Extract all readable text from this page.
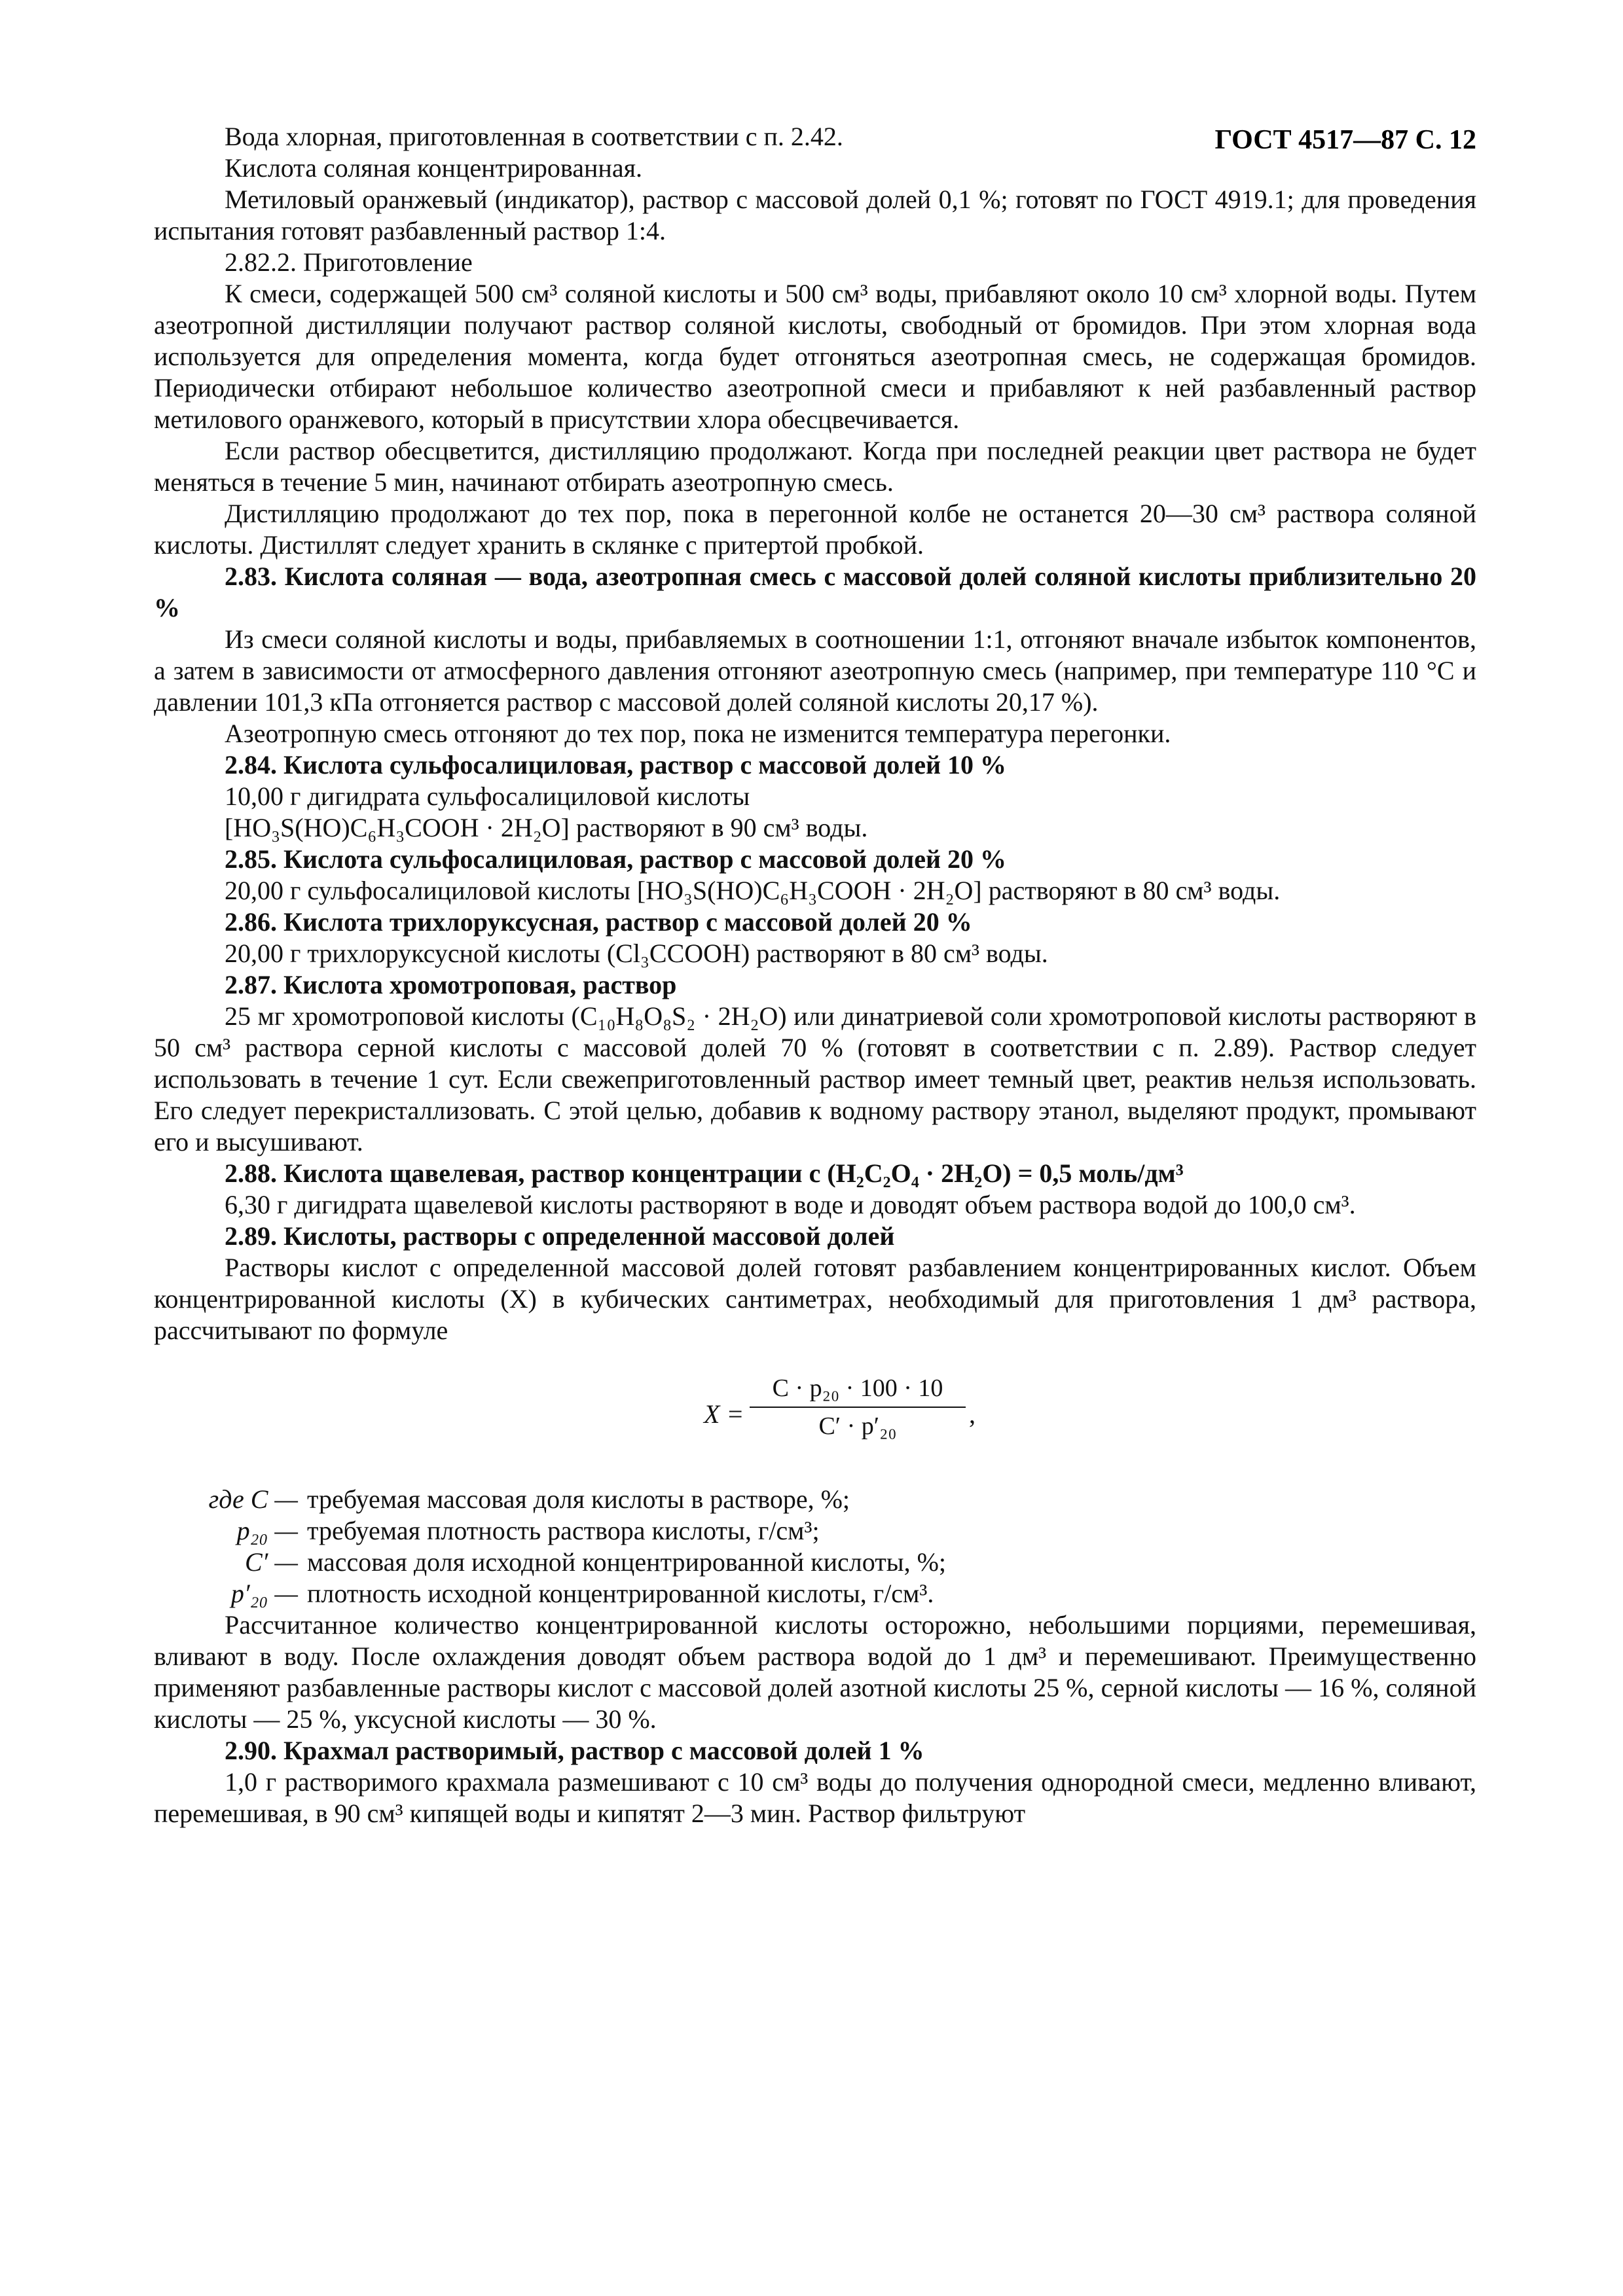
ГОСТ 4517—87 С. 12

Вода хлорная, приготовленная в соответствии с п. 2.42.

Кислота соляная концентрированная.

Метиловый оранжевый (индикатор), раствор с массовой долей 0,1 %; готовят по ГОСТ 4919.1; для проведения испытания готовят разбавленный раствор 1:4.

2.82.2. Приготовление

К смеси, содержащей 500 см³ соляной кислоты и 500 см³ воды, прибавляют около 10 см³ хлорной воды. Путем азеотропной дистилляции получают раствор соляной кислоты, свободный от бромидов. При этом хлорная вода используется для определения момента, когда будет отгоняться азеотропная смесь, не содержащая бромидов. Периодически отбирают небольшое количество азеотропной смеси и прибавляют к ней разбавленный раствор метилового оранжевого, который в присутствии хлора обесцвечивается.

Если раствор обесцветится, дистилляцию продолжают. Когда при последней реакции цвет раствора не будет меняться в течение 5 мин, начинают отбирать азеотропную смесь.

Дистилляцию продолжают до тех пор, пока в перегонной колбе не останется 20—30 см³ раствора соляной кислоты. Дистиллят следует хранить в склянке с притертой пробкой.

2.83. Кислота соляная — вода, азеотропная смесь с массовой долей соляной кислоты приблизительно 20 %

Из смеси соляной кислоты и воды, прибавляемых в соотношении 1:1, отгоняют вначале избыток компонентов, а затем в зависимости от атмосферного давления отгоняют азеотропную смесь (например, при температуре 110 °С и давлении 101,3 кПа отгоняется раствор с массовой долей соляной кислоты 20,17 %).

Азеотропную смесь отгоняют до тех пор, пока не изменится температура перегонки.

2.84. Кислота сульфосалициловая, раствор с массовой долей 10 %

10,00 г дигидрата сульфосалициловой кислоты

[HO₃S(HO)C₆H₃COOH · 2H₂O] растворяют в 90 см³ воды.

2.85. Кислота сульфосалициловая, раствор с массовой долей 20 %

20,00 г сульфосалициловой кислоты [HO₃S(HO)C₆H₃COOH · 2H₂O] растворяют в 80 см³ воды.

2.86. Кислота трихлоруксусная, раствор с массовой долей 20 %

20,00 г трихлоруксусной кислоты (Cl₃CCOOH) растворяют в 80 см³ воды.

2.87. Кислота хромотроповая, раствор

25 мг хромотроповой кислоты (C₁₀H₈O₈S₂ · 2H₂O) или динатриевой соли хромотроповой кислоты растворяют в 50 см³ раствора серной кислоты с массовой долей 70 % (готовят в соответствии с п. 2.89). Раствор следует использовать в течение 1 сут. Если свежеприготовленный раствор имеет темный цвет, реактив нельзя использовать. Его следует перекристаллизовать. С этой целью, добавив к водному раствору этанол, выделяют продукт, промывают его и высушивают.

2.88. Кислота щавелевая, раствор концентрации c (H₂C₂O₄ · 2H₂O) = 0,5 моль/дм³

6,30 г дигидрата щавелевой кислоты растворяют в воде и доводят объем раствора водой до 100,0 см³.

2.89. Кислоты, растворы с определенной массовой долей

Растворы кислот с определенной массовой долей готовят разбавлением концентрированных кислот. Объем концентрированной кислоты (X) в кубических сантиметрах, необходимый для приготовления 1 дм³ раствора, рассчитывают по формуле

$X = \frac{\text{C · p₂₀ · 100 · 10}}{\text{C′ · p′₂₀}}$ ,
где C — требуемая массовая доля кислоты в растворе, %;
p₂₀ — требуемая плотность раствора кислоты, г/см³;
C′ — массовая доля исходной концентрированной кислоты, %;
p′₂₀ — плотность исходной концентрированной кислоты, г/см³.

Рассчитанное количество концентрированной кислоты осторожно, небольшими порциями, перемешивая, вливают в воду. После охлаждения доводят объем раствора водой до 1 дм³ и перемешивают. Преимущественно применяют разбавленные растворы кислот с массовой долей азотной кислоты 25 %, серной кислоты — 16 %, соляной кислоты — 25 %, уксусной кислоты — 30 %.

2.90. Крахмал растворимый, раствор с массовой долей 1 %

1,0 г растворимого крахмала размешивают с 10 см³ воды до получения однородной смеси, медленно вливают, перемешивая, в 90 см³ кипящей воды и кипятят 2—3 мин. Раствор фильтруют
